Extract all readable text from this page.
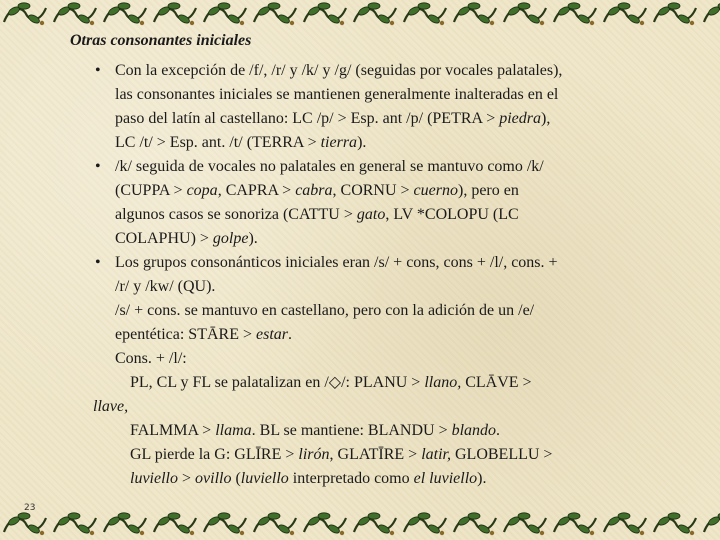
Otras consonantes iniciales
• Con la excepción de /f/, /r/ y /k/ y /g/ (seguidas por vocales palatales),
las consonantes iniciales se mantienen generalmente inalteradas en el
paso del latín al castellano: LC /p/ > Esp. ant /p/ (PETRA > piedra),
LC /t/ > Esp. ant. /t/ (TERRA > tierra).
• /k/ seguida de vocales no palatales en general se mantuvo como /k/
(CUPPA > copa, CAPRA > cabra, CORNU > cuerno), pero en
algunos casos se sonoriza (CATTU > gato, LV *COLOPU (LC
COLAPHU) > golpe).
• Los grupos consonánticos iniciales eran /s/ + cons, cons + /l/, cons. +
/r/ y /kw/ (QU).
/s/ + cons. se mantuvo en castellano, pero con la adición de un /e/
epentética: STĀRE > estar.
Cons. + /l/:
PL, CL y FL se palatalizan en /◇/: PLANU > llano, CLĀVE >
llave,
FALMMA > llama. BL se mantiene: BLANDU > blando.
GL pierde la G: GLĪRE > lirón, GLATĪRE > latir, GLOBELLU >
luviello > ovillo (luviello interpretado como el luviello).
23
